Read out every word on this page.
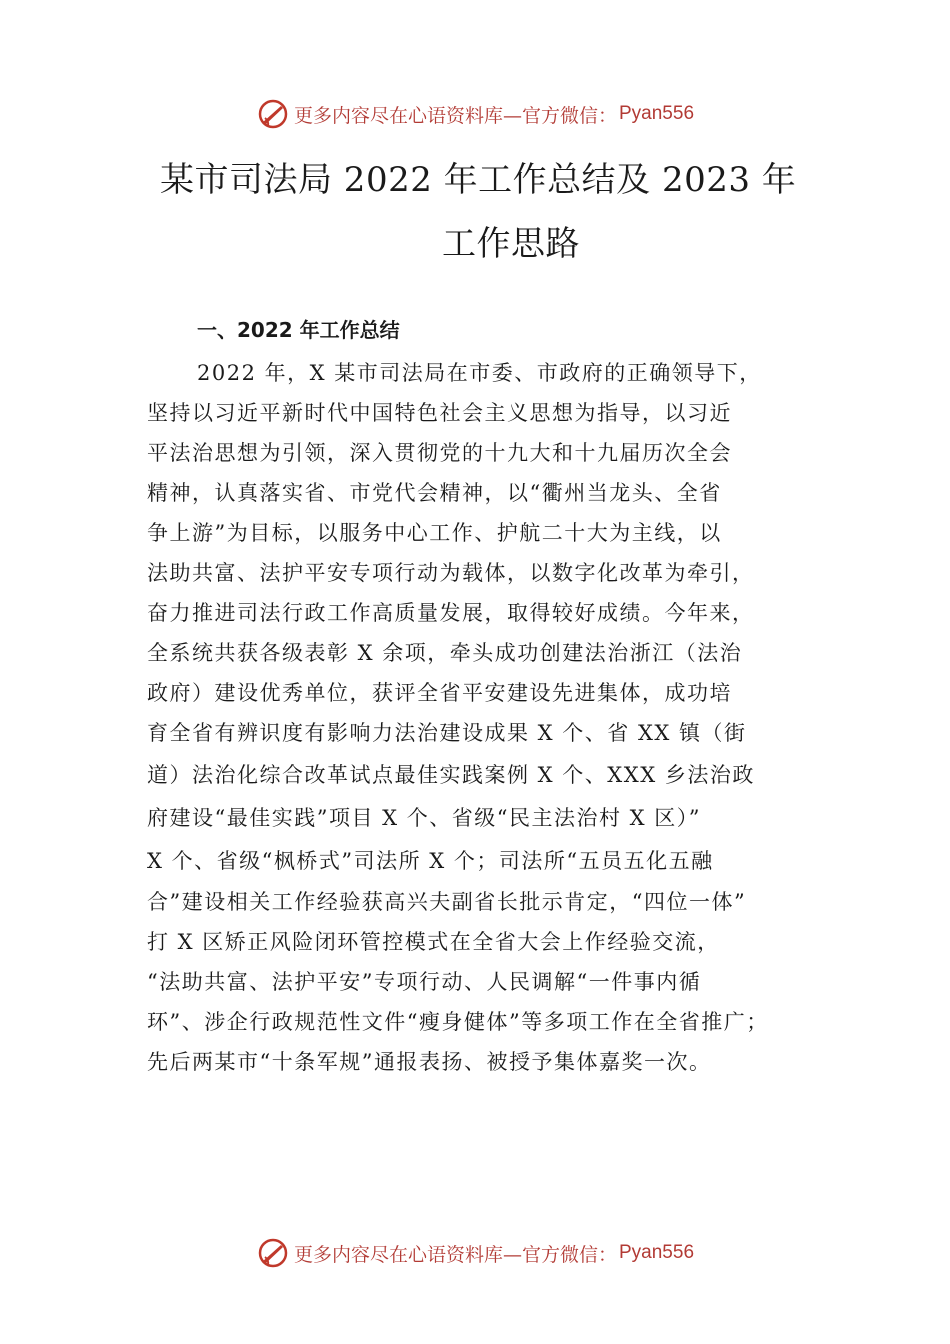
更多内容尽在心语资料库—官方微信： Pyan556
某市司法局 2022 年工作总结及 2023 年
工作思路
一、2022 年工作总结
2022 年，X 某市司法局在市委、市政府的正确领导下，
坚持以习近平新时代中国特色社会主义思想为指导，以习近
平法治思想为引领，深入贯彻党的十九大和十九届历次全会
精神，认真落实省、市党代会精神，以“衢州当龙头、全省
争上游”为目标，以服务中心工作、护航二十大为主线，以
法助共富、法护平安专项行动为载体，以数字化改革为牵引，
奋力推进司法行政工作高质量发展，取得较好成绩。今年来，
全系统共获各级表彰 X 余项，牵头成功创建法治浙江（法治
政府）建设优秀单位，获评全省平安建设先进集体，成功培
育全省有辨识度有影响力法治建设成果 X 个、省 XX 镇（街
道）法治化综合改革试点最佳实践案例 X 个、XXX 乡法治政
府建设“最佳实践”项目 X 个、省级“民主法治村 X 区）”
X 个、省级“枫桥式”司法所 X 个；司法所“五员五化五融
合”建设相关工作经验获高兴夫副省长批示肯定，“四位一体”
打 X 区矫正风险闭环管控模式在全省大会上作经验交流，
“法助共富、法护平安”专项行动、人民调解“一件事内循
环”、涉企行政规范性文件“瘦身健体”等多项工作在全省推广；
先后两某市“十条军规”通报表扬、被授予集体嘉奖一次。
更多内容尽在心语资料库—官方微信： Pyan556
